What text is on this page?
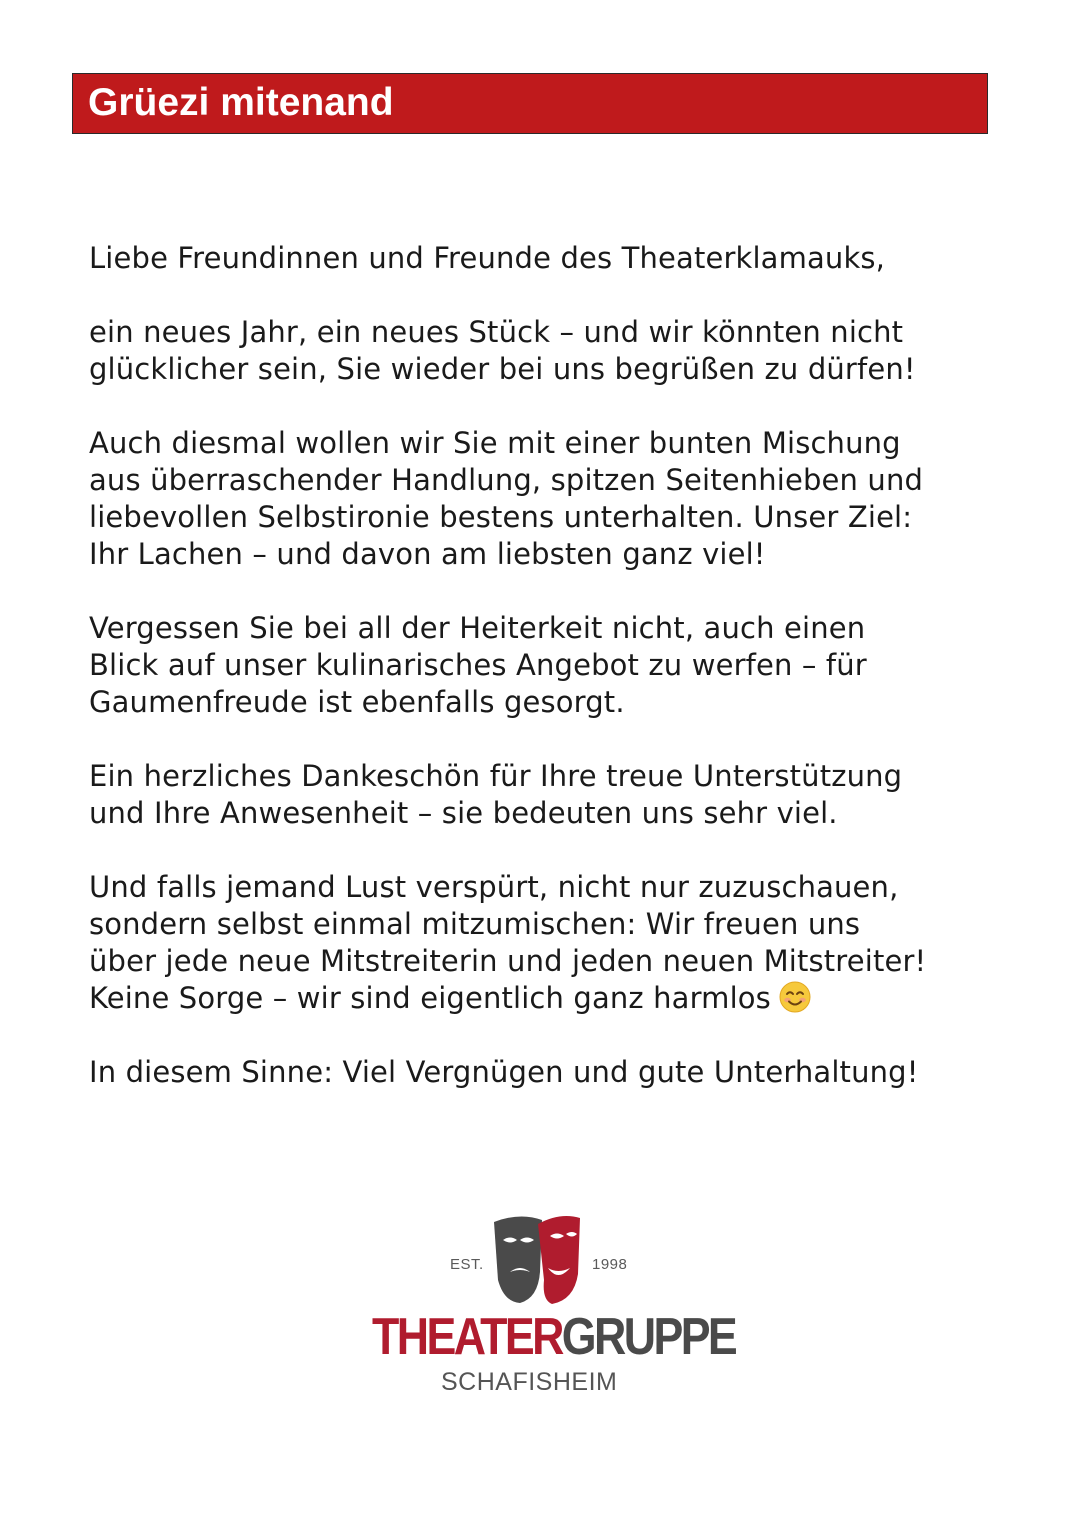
Grüezi mitenand

Liebe Freundinnen und Freunde des Theaterklamauks,

ein neues Jahr, ein neues Stück – und wir könnten nicht
glücklicher sein, Sie wieder bei uns begrüßen zu dürfen!

Auch diesmal wollen wir Sie mit einer bunten Mischung
aus überraschender Handlung, spitzen Seitenhieben und
liebevollen Selbstironie bestens unterhalten. Unser Ziel:
Ihr Lachen – und davon am liebsten ganz viel!

Vergessen Sie bei all der Heiterkeit nicht, auch einen
Blick auf unser kulinarisches Angebot zu werfen – für
Gaumenfreude ist ebenfalls gesorgt.

Ein herzliches Dankeschön für Ihre treue Unterstützung
und Ihre Anwesenheit – sie bedeuten uns sehr viel.

Und falls jemand Lust verspürt, nicht nur zuzuschauen,
sondern selbst einmal mitzumischen: Wir freuen uns
über jede neue Mitstreiterin und jeden neuen Mitstreiter!
Keine Sorge – wir sind eigentlich ganz harmlos

In diesem Sinne: Viel Vergnügen und gute Unterhaltung!

EST.	1998
THEATERGRUPPE
SCHAFISHEIM
